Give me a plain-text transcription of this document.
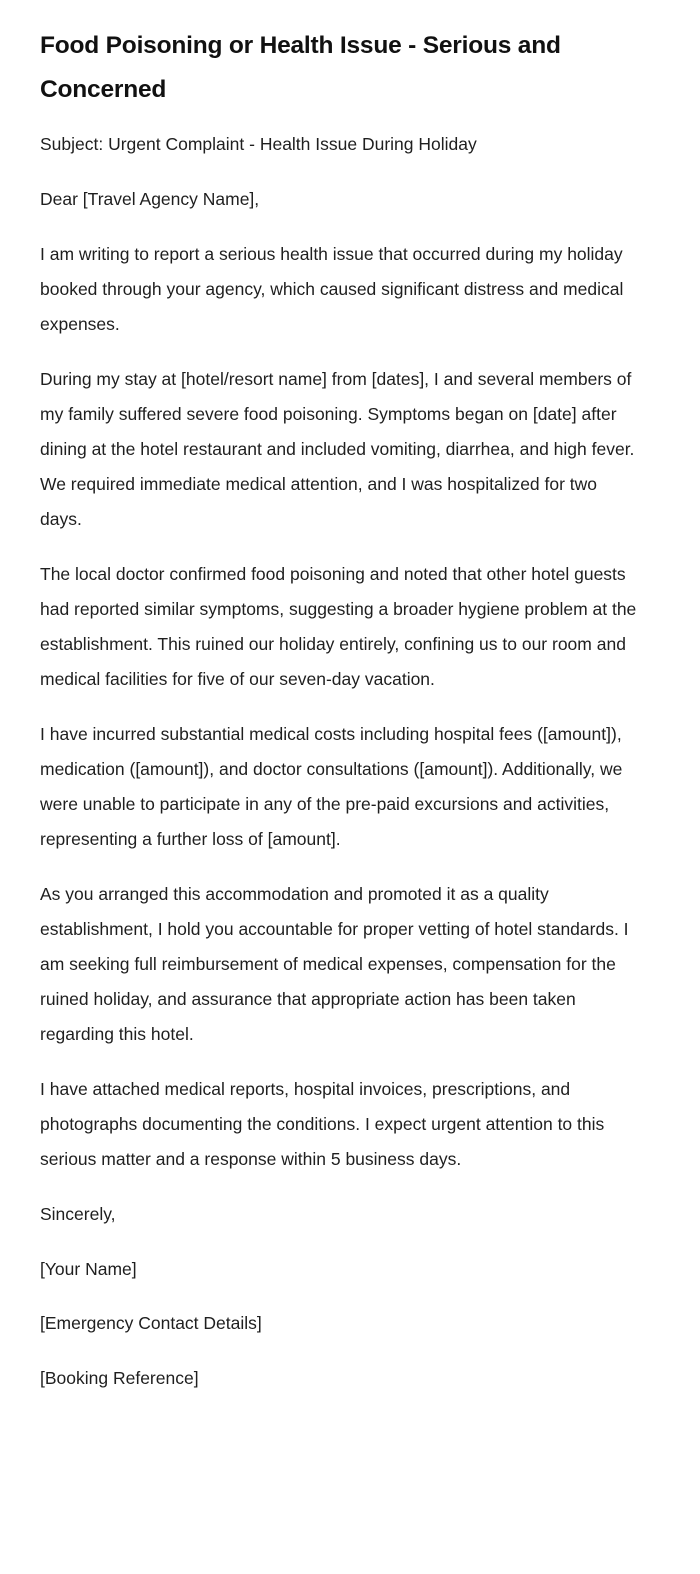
Food Poisoning or Health Issue - Serious and Concerned

Subject: Urgent Complaint - Health Issue During Holiday

Dear [Travel Agency Name],

I am writing to report a serious health issue that occurred during my holiday booked through your agency, which caused significant distress and medical expenses.

During my stay at [hotel/resort name] from [dates], I and several members of my family suffered severe food poisoning. Symptoms began on [date] after dining at the hotel restaurant and included vomiting, diarrhea, and high fever. We required immediate medical attention, and I was hospitalized for two days.

The local doctor confirmed food poisoning and noted that other hotel guests had reported similar symptoms, suggesting a broader hygiene problem at the establishment. This ruined our holiday entirely, confining us to our room and medical facilities for five of our seven-day vacation.

I have incurred substantial medical costs including hospital fees ([amount]), medication ([amount]), and doctor consultations ([amount]). Additionally, we were unable to participate in any of the pre-paid excursions and activities, representing a further loss of [amount].

As you arranged this accommodation and promoted it as a quality establishment, I hold you accountable for proper vetting of hotel standards. I am seeking full reimbursement of medical expenses, compensation for the ruined holiday, and assurance that appropriate action has been taken regarding this hotel.

I have attached medical reports, hospital invoices, prescriptions, and photographs documenting the conditions. I expect urgent attention to this serious matter and a response within 5 business days.

Sincerely,

[Your Name]

[Emergency Contact Details]

[Booking Reference]
